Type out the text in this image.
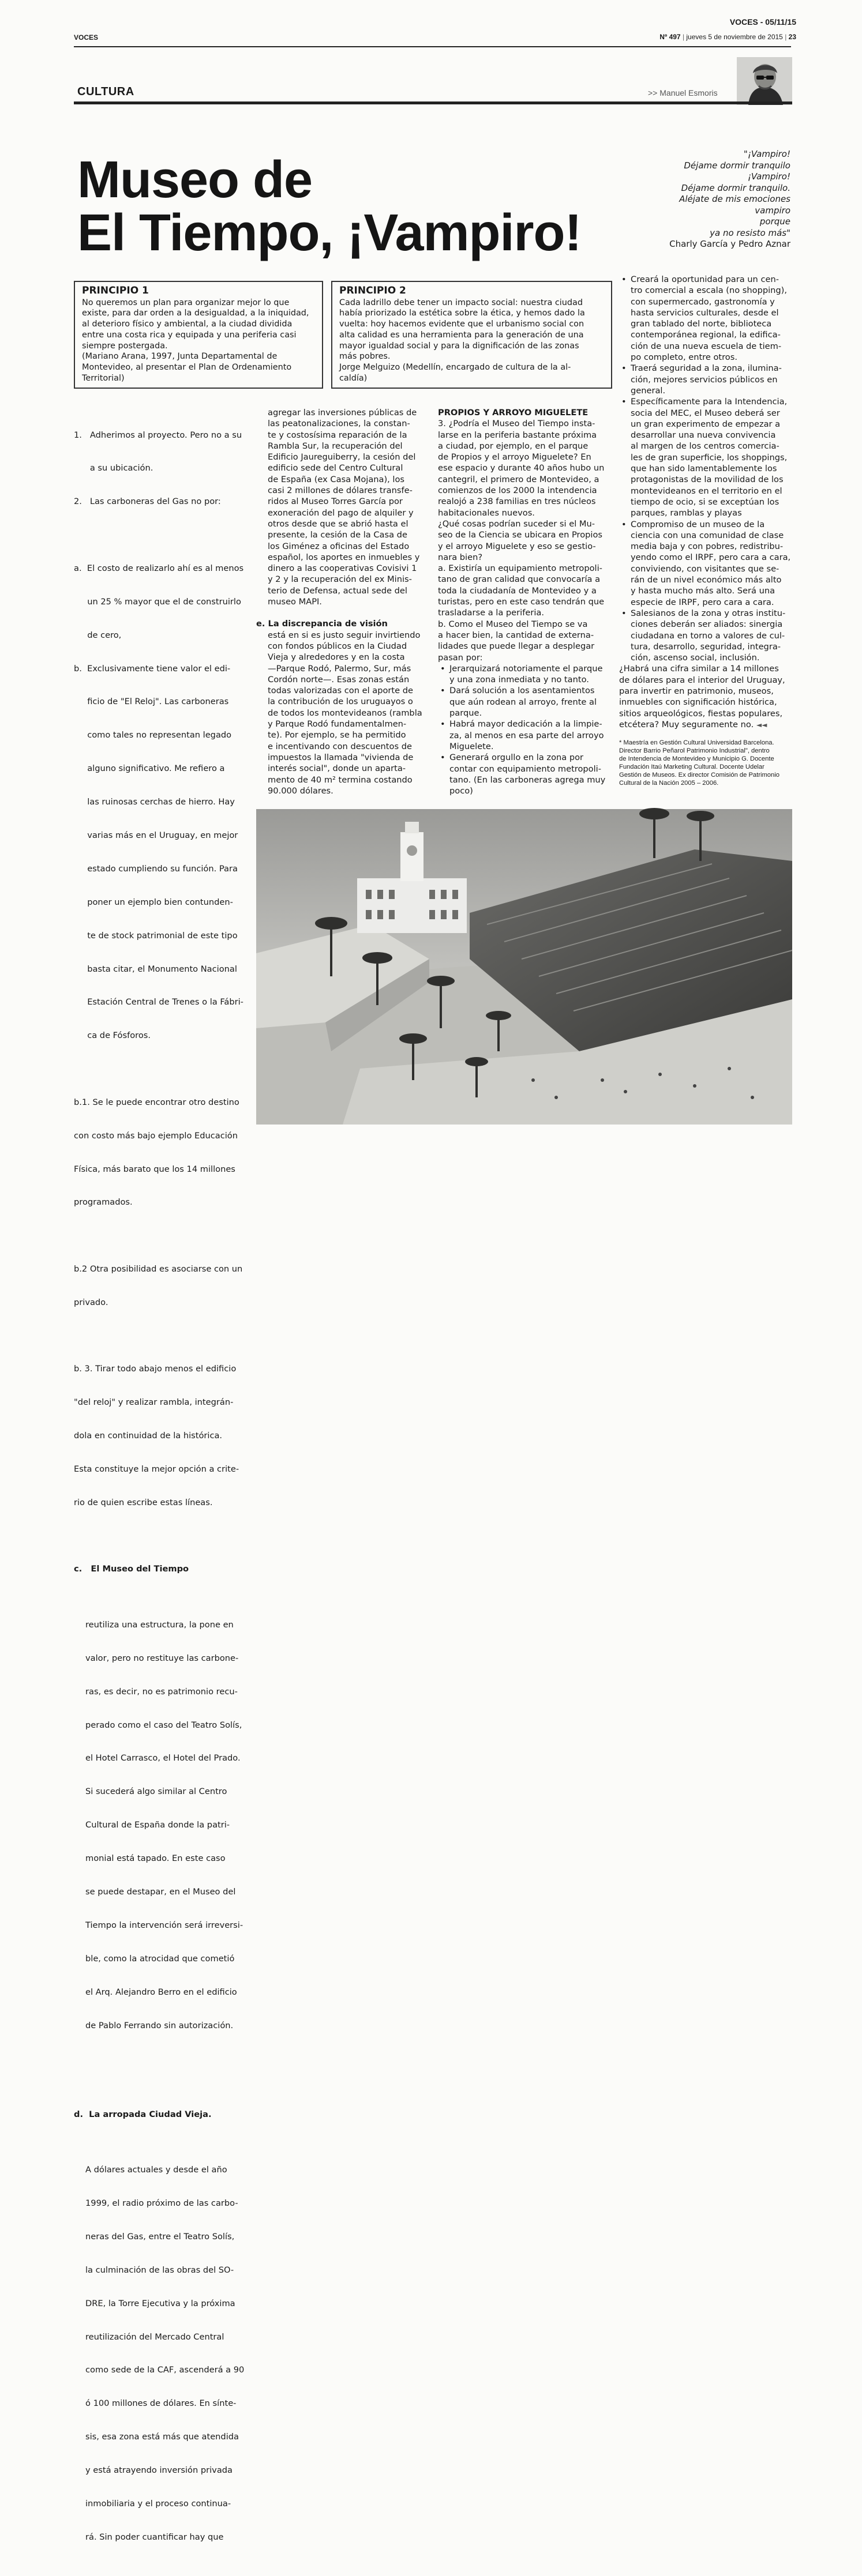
VOCES - 05/11/15
VOCES	Nº 497 | jueves 5 de noviembre de 2015 | 23
CULTURA	>> Manuel Esmoris
Museo de
El Tiempo, ¡Vampiro!
"¡Vampiro!
Déjame dormir tranquilo
¡Vampiro!
Déjame dormir tranquilo.
Aléjate de mis emociones
vampiro
porque
ya no resisto más"
Charly García y Pedro Aznar
PRINCIPIO 1

No queremos un plan para organizar mejor lo que

existe, para dar orden a la desigualdad, a la iniquidad,

al deterioro físico y ambiental, a la ciudad dividida

entre una costa rica y equipada y una periferia casi

siempre postergada.

(Mariano Arana, 1997, Junta Departamental de

Montevideo, al presentar el Plan de Ordenamiento

Territorial)

PRINCIPIO 2

Cada ladrillo debe tener un impacto social: nuestra ciudad

había priorizado la estética sobre la ética, y hemos dado la

vuelta: hoy hacemos evidente que el urbanismo social con

alta calidad es una herramienta para la generación de una

mayor igualdad social y para la dignificación de las zonas

más pobres.

Jorge Melguizo (Medellín, encargado de cultura de la al-

caldía)

1.   Adherimos al proyecto. Pero no a su

a su ubicación.

2.   Las carboneras del Gas no por:

a.  El costo de realizarlo ahí es al menos

un 25 % mayor que el de construirlo

de cero,

b.  Exclusivamente tiene valor el edi-

ficio de "El Reloj". Las carboneras

como tales no representan legado

alguno significativo. Me refiero a

las ruinosas cerchas de hierro. Hay

varias más en el Uruguay, en mejor

estado cumpliendo su función. Para

poner un ejemplo bien contunden-

te de stock patrimonial de este tipo

basta citar, el Monumento Nacional

Estación Central de Trenes o la Fábri-

ca de Fósforos.

b.1. Se le puede encontrar otro destino

con costo más bajo ejemplo Educación

Física, más barato que los 14 millones

programados.

b.2 Otra posibilidad es asociarse con un

privado.

b. 3. Tirar todo abajo menos el edificio

"del reloj" y realizar rambla, integrán-

dola en continuidad de la histórica.

Esta constituye la mejor opción a crite-

rio de quien escribe estas líneas.

c.   El Museo del Tiempo

reutiliza una estructura, la pone en

valor, pero no restituye las carbone-

ras, es decir, no es patrimonio recu-

perado como el caso del Teatro Solís,

el Hotel Carrasco, el Hotel del Prado.

Si sucederá algo similar al Centro

Cultural de España donde la patri-

monial está tapado. En este caso

se puede destapar, en el Museo del

Tiempo la intervención será irreversi-

ble, como la atrocidad que cometió

el Arq. Alejandro Berro en el edificio

de Pablo Ferrando sin autorización.

d.  La arropada Ciudad Vieja.

A dólares actuales y desde el año

1999, el radio próximo de las carbo-

neras del Gas, entre el Teatro Solís,

la culminación de las obras del SO-

DRE, la Torre Ejecutiva y la próxima

reutilización del Mercado Central

como sede de la CAF, ascenderá a 90

ó 100 millones de dólares. En sínte-

sis, esa zona está más que atendida

y está atrayendo inversión privada

inmobiliaria y el proceso continua-

rá. Sin poder cuantificar hay que

agregar las inversiones públicas de

las peatonalizaciones, la constan-

te y costosísima reparación de la

Rambla Sur, la recuperación del

Edificio Jaureguiberry, la cesión del

edificio sede del Centro Cultural

de España (ex Casa Mojana), los

casi 2 millones de dólares transfe-

ridos al Museo Torres García por

exoneración del pago de alquiler y

otros desde que se abrió hasta el

presente, la cesión de la Casa de

los Giménez a oficinas del Estado

español, los aportes en inmuebles y

dinero a las cooperativas Covisivi 1

y 2 y la recuperación del ex Minis-

terio de Defensa, actual sede del

museo MAPI.

e. La discrepancia de visión

está en si es justo seguir invirtiendo

con fondos públicos en la Ciudad

Vieja y alrededores y en la costa

—Parque Rodó, Palermo, Sur, más

Cordón norte—. Esas zonas están

todas valorizadas con el aporte de

la contribución de los uruguayos o

de todos los montevideanos (rambla

y Parque Rodó fundamentalmen-

te). Por ejemplo, se ha permitido

e incentivando con descuentos de

impuestos la llamada "vivienda de

interés social", donde un aparta-

mento de 40 m² termina costando

90.000 dólares.

PROPIOS Y ARROYO MIGUELETE

3. ¿Podría el Museo del Tiempo insta-

larse en la periferia bastante próxima

a ciudad, por ejemplo, en el parque

de Propios y el arroyo Miguelete? En

ese espacio y durante 40 años hubo un

cantegril, el primero de Montevideo, a

comienzos de los 2000 la intendencia

realojó a 238 familias en tres núcleos

habitacionales nuevos.

¿Qué cosas podrían suceder si el Mu-

seo de la Ciencia se ubicara en Propios

y el arroyo Miguelete y eso se gestio-

nara bien?

a. Existiría un equipamiento metropoli-

tano de gran calidad que convocaría a

toda la ciudadanía de Montevideo y a

turistas, pero en este caso tendrán que

trasladarse a la periferia.

b. Como el Museo del Tiempo se va

a hacer bien, la cantidad de externa-

lidades que puede llegar a desplegar

pasan por:

• Jerarquizará notoriamente el parque

y una zona inmediata y no tanto.

• Dará solución a los asentamientos

que aún rodean al arroyo, frente al

parque.

• Habrá mayor dedicación a la limpie-

za, al menos en esa parte del arroyo

Miguelete.

• Generará orgullo en la zona por

contar con equipamiento metropoli-

tano. (En las carboneras agrega muy

poco)

• Creará la oportunidad para un cen-

tro comercial a escala (no shopping),

con supermercado, gastronomía y

hasta servicios culturales, desde el

gran tablado del norte, biblioteca

contemporánea regional, la edifica-

ción de una nueva escuela de tiem-

po completo, entre otros.

• Traerá seguridad a la zona, ilumina-

ción, mejores servicios públicos en

general.

• Específicamente para la Intendencia,

socia del MEC, el Museo deberá ser

un gran experimento de empezar a

desarrollar una nueva convivencia

al margen de los centros comercia-

les de gran superficie, los shoppings,

que han sido lamentablemente los

protagonistas de la movilidad de los

montevideanos en el territorio en el

tiempo de ocio, si se exceptúan los

parques, ramblas y playas

• Compromiso de un museo de la

ciencia con una comunidad de clase

media baja y con pobres, redistribu-

yendo como el IRPF, pero cara a cara,

conviviendo, con visitantes que se-

rán de un nivel económico más alto

y hasta mucho más alto. Será una

especie de IRPF, pero cara a cara.

• Salesianos de la zona y otras institu-

ciones deberán ser aliados: sinergia

ciudadana en torno a valores de cul-

tura, desarrollo, seguridad, integra-

ción, ascenso social, inclusión.

¿Habrá una cifra similar a 14 millones

de dólares para el interior del Uruguay,

para invertir en patrimonio, museos,

inmuebles con significación histórica,

sitios arqueológicos, fiestas populares,

etcétera? Muy seguramente no. ◄◄

* Maestría en Gestión Cultural Universidad Barcelona.

Director Barrio Peñarol Patrimonio Industrial", dentro

de Intendencia de Montevideo y Municipio G. Docente

Fundación Itaú Marketing Cultural. Docente Udelar

Gestión de Museos. Ex director Comisión de Patrimonio

Cultural de la Nación 2005 – 2006.
